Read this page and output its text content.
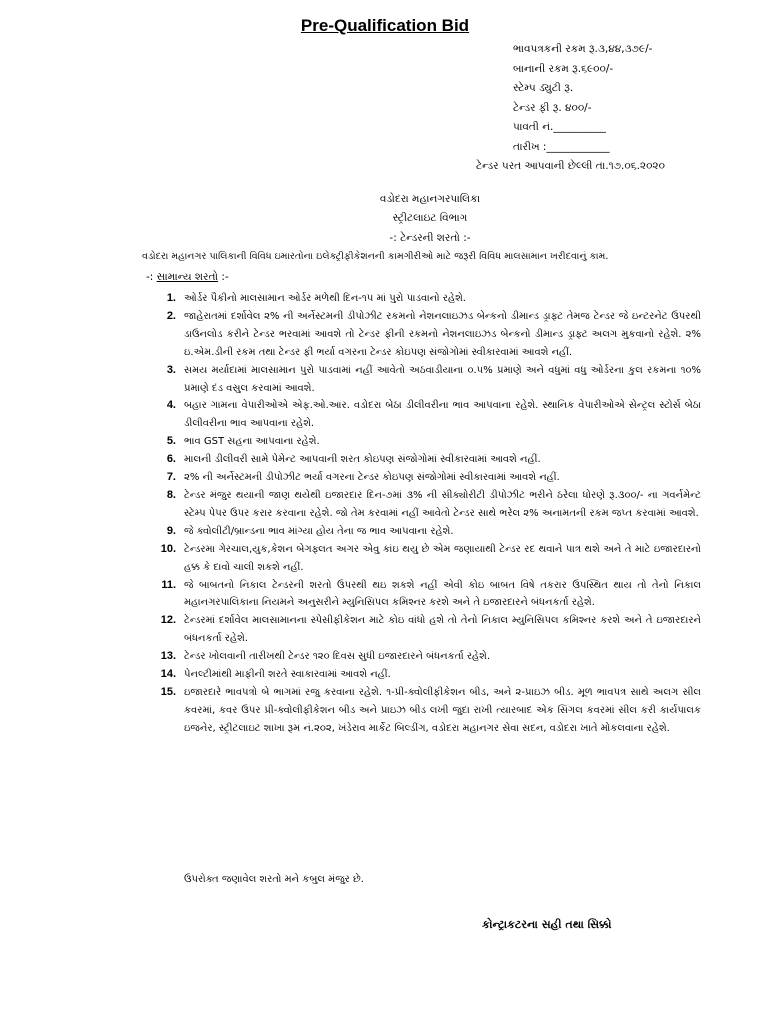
Pre-Qualification Bid
ભાવપત્રકની રકમ રૂ.૩,૪૪,૩૭૯/-
બાનાની રકમ રૂ.૬૯૦૦/-
સ્ટેમ્પ ડ્યુટી રૂ.
ટેન્ડર ફી રૂ. ૪૦૦/-
પાવતી નં.__________
તારીખ :____________
ટેન્ડર પરત આપવાની છેલ્લી તા.૧૭.૦૬.૨૦૨૦
વડોદરા મહાનગરપાલિકા
સ્ટ્રીટલાઇટ વિભાગ
-: ટેન્ડરની શરતો :-
વડોદરા મહાનગર પાલિકાની વિવિધ ઇમારતોના ઇલેક્ટ્રીફીકેશનની કામગીરીઓ માટે જરૂરી વિવિધ માલસામાન ખરીદવાનું કામ.
-: સામાન્ય શરતો :-
1. ઓર્ડર પૈકીનો માલસામાન ઓર્ડર મળેથી દિન-૧૫ માં પુરો પાડવાનો રહેશે.
2. જાહેરાતમાં દર્શાવેલ ૨% ની અર્નેસ્ટમની ડીપોઝીટ રકમનો નેશનલાઇઝડ બેન્કનો ડીમાન્ડ ડ્રાફ્ટ તેમજ ટેન્ડર જે ઇન્ટરનેટ ઉપરથી ડાઉનલોડ કરીને ટેન્ડર ભરવામાં આવશે તો ટેન્ડર ફીની રકમનો નેશનલાઇઝડ બેન્કનો ડીમાન્ડ ડ્રાફ્ટ અલગ મુકવાનો રહેશે. ૨% ઇ.એમ.ડીની રકમ તથા ટેન્ડર ફી ભર્યા વગરના ટેન્ડર કોઇપણ સંજોગોમાં સ્વીકારવામાં આવશે નહીં.
3. સમય મર્યાદામાં માલસામાન પુરો પાડવામાં નહીં આવેતો અઠવાડીયાના ૦.૫% પ્રમાણે અને વધુમાં વધુ ઓર્ડરના કુલ રકમના ૧૦% પ્રમાણે દંડ વસુલ કરવામાં આવશે.
4. બહાર ગામના વેપારીઓએ એફ.ઓ.આર. વડોદરા બેઠા ડીલીવરીના ભાવ આપવાના રહેશે. સ્થાનિક વેપારીઓએ સેન્ટ્રલ સ્ટોર્સ બેઠા ડીલીવરીના ભાવ આપવાના રહેશે.
5. ભાવ GST સહના આપવાના રહેશે.
6. માલની ડીલીવરી સામે પેમેન્ટ આપવાની શરત કોઇપણ સંજોગોમાં સ્વીકારવામાં આવશે નહીં.
7. ૨% ની અર્નેસ્ટમની ડીપોઝીટ ભર્યા વગરના ટેન્ડર કોઇપણ સંજોગોમાં સ્વીકારવામાં આવશે નહીં.
8. ટેન્ડર મંજુર થયાની જાણ થયેથી ઇજારદાર દિન-૭માં ૩% ની સીક્યોરીટી ડીપોઝીટ ભરીને ઠરેલા ધોરણે રૂ.૩૦૦/- ના ગવર્નમેન્ટ સ્ટેમ્પ પેપર ઉપર કરાર કરવાના રહેશે. જો તેમ કરવામાં નહીં આવેતો ટેન્ડર સાથે ભરેલ ૨% અનામતની રકમ જપ્ત કરવામાં આવશે.
9. જે ક્વોલીટી/બ્રાન્ડના ભાવ માંગ્યા હોય તેના જ ભાવ આપવાના રહેશે.
10. ટેન્ડરમા ગેરચાલ,યુક,કેશન બેગફ્લત અગર એવુ કાંઇ થયુ છે એમ જણાયાથી ટેન્ડર રદ થવાને પાત્ર થશે અને તે માટે ઇજારદારનો હક્ક કે દાવો ચાલી શકશે નહીં.
11. જે બાબતનો નિકાલ ટેન્ડરની શરતો ઉપરથી થઇ શકશે નહીં એવી કોઇ બાબત વિષે તકરાર ઉપસ્થિત થાય તો તેનો નિકાલ મહાનગરપાલિકાના નિયમને અનુસરીને મ્યુનિસિપલ કમિશ્નર કરશે અને તે ઇજારદારને બંધનકર્તા રહેશે.
12. ટેન્ડરમાં દર્શાવેલ માલસામાનના સ્પેસીફીકેશન માટે કોઇ વાંધો હશે તો તેનો નિકાલ મ્યુનિસિપલ કમિશ્નર કરશે અને તે ઇજારદારને બંધનકર્તા રહેશે.
13. ટેન્ડર ખોલવાની તારીખથી ટેન્ડર ૧૨૦ દિવસ સુધી ઇજારદારને બંધનકર્તા રહેશે.
14. પેનલ્ટીમાંથી માફીની શરતે સ્વાકારવામાં આવશે નહીં.
15. ઇજારદારે ભાવપત્રો બે ભાગમાં રજુ કરવાના રહેશે. ૧-પ્રી-ક્વોલીફીકેશન બીડ, અને ૨-પ્રાઇઝ બીડ. મૂળ ભાવપત્ર સાથે અલગ સીલ કવરમાં, કવર ઉપર પ્રી-ક્વોલીફીકેશન બીડ અને પ્રાઇઝ બીડ લખી જુદા રાખી ત્યારબાદ એક સિંગલ કવરમાં સીલ કરી કાર્યપાલક ઇજનેર, સ્ટ્રીટલાઇટ શાખા રૂમ નં.૨૦૨, ખંડેરાવ માર્કેટ બિલ્ડીંગ, વડોદરા મહાનગર સેવા સદન, વડોદરા ખાતે મોકલવાના રહેશે.
ઉપરોક્ત જણાવેલ શરતો મને કબુલ મંજુર છે.
કોન્ટ્રાકટરના સહી તથા સિક્કો
